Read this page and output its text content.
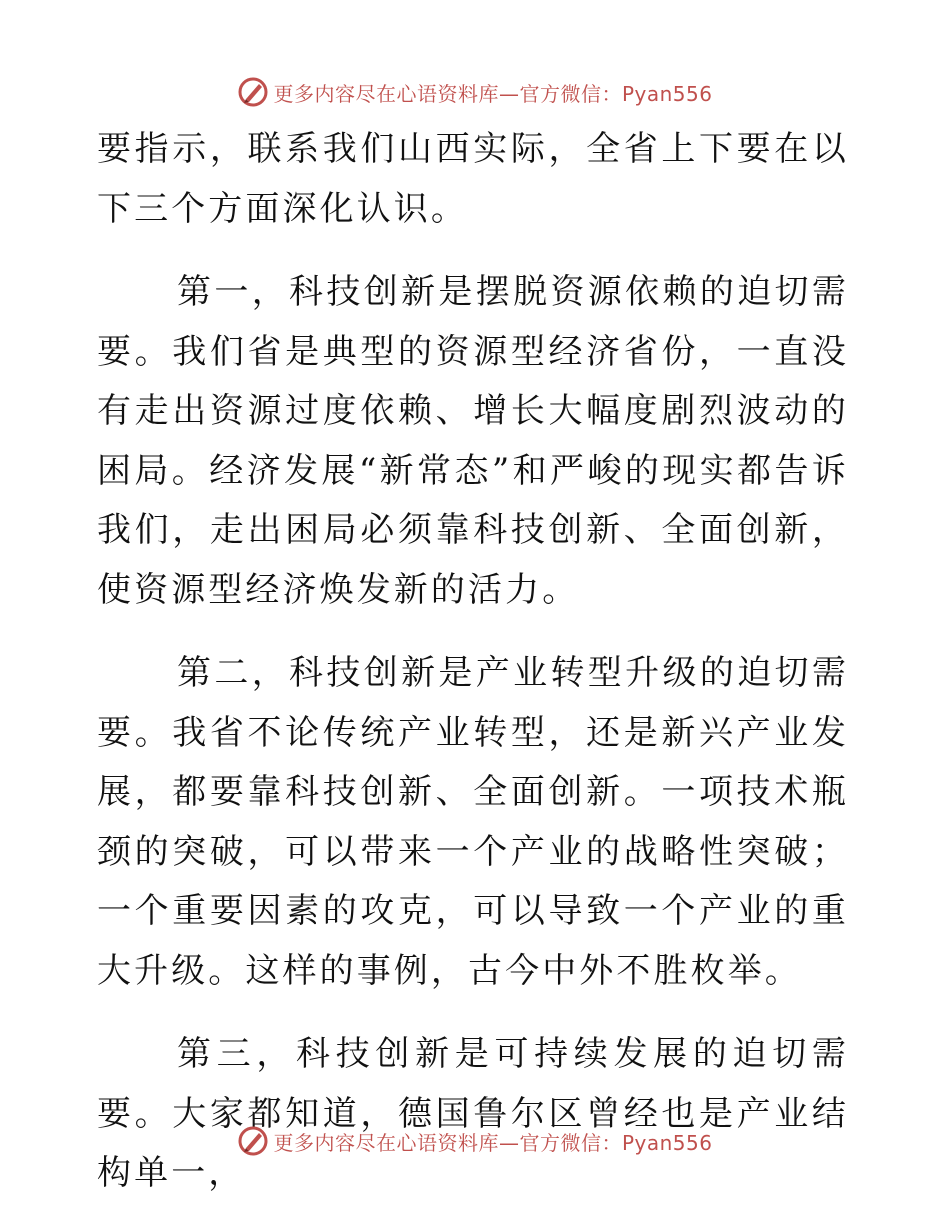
更多内容尽在心语资料库—官方微信：Pyan556

要指示，联系我们山西实际，全省上下要在以下三个方面深化认识。

第一，科技创新是摆脱资源依赖的迫切需要。我们省是典型的资源型经济省份，一直没有走出资源过度依赖、增长大幅度剧烈波动的困局。经济发展“新常态”和严峻的现实都告诉我们，走出困局必须靠科技创新、全面创新，使资源型经济焕发新的活力。

第二，科技创新是产业转型升级的迫切需要。我省不论传统产业转型，还是新兴产业发展，都要靠科技创新、全面创新。一项技术瓶颈的突破，可以带来一个产业的战略性突破；一个重要因素的攻克，可以导致一个产业的重大升级。这样的事例，古今中外不胜枚举。

第三，科技创新是可持续发展的迫切需要。大家都知道，德国鲁尔区曾经也是产业结构单一，

更多内容尽在心语资料库—官方微信：Pyan556
